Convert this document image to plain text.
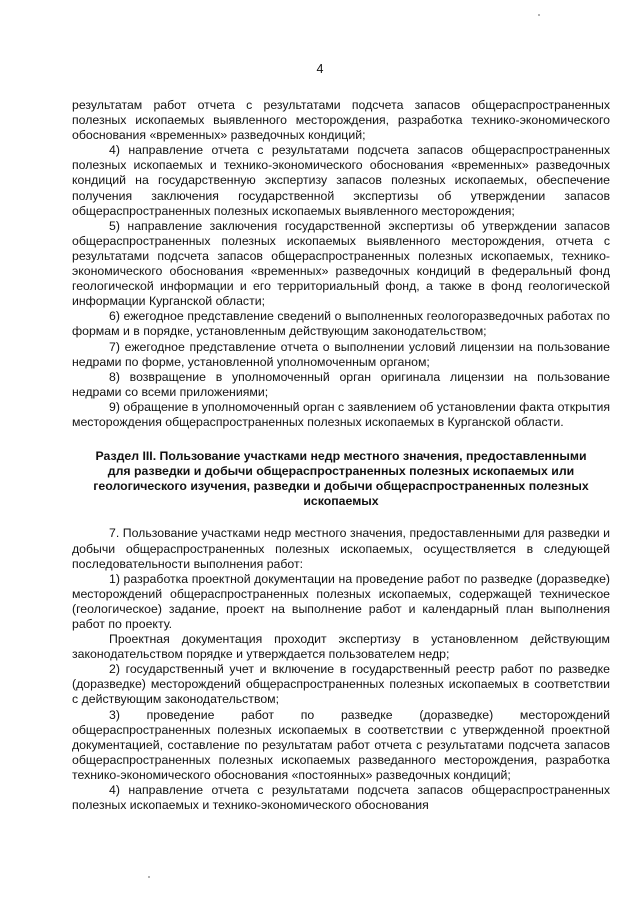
4

результатам работ отчета с результатами подсчета запасов общераспространенных полезных ископаемых выявленного месторождения, разработка технико-экономического обоснования «временных» разведочных кондиций;

4) направление отчета с результатами подсчета запасов общераспространенных полезных ископаемых и технико-экономического обоснования «временных» разведочных кондиций на государственную экспертизу запасов полезных ископаемых, обеспечение получения заключения государственной экспертизы об утверждении запасов общераспространенных полезных ископаемых выявленного месторождения;

5) направление заключения государственной экспертизы об утверждении запасов общераспространенных полезных ископаемых выявленного месторождения, отчета с результатами подсчета запасов общераспространенных полезных ископаемых, технико-экономического обоснования «временных» разведочных кондиций в федеральный фонд геологической информации и его территориальный фонд, а также в фонд геологической информации Курганской области;

6) ежегодное представление сведений о выполненных геологоразведочных работах по формам и в порядке, установленным действующим законодательством;

7) ежегодное представление отчета о выполнении условий лицензии на пользование недрами по форме, установленной уполномоченным органом;

8) возвращение в уполномоченный орган оригинала лицензии на пользование недрами со всеми приложениями;

9) обращение в уполномоченный орган с заявлением об установлении факта открытия месторождения общераспространенных полезных ископаемых в Курганской области.

Раздел III. Пользование участками недр местного значения, предоставленными для разведки и добычи общераспространенных полезных ископаемых или геологического изучения, разведки и добычи общераспространенных полезных ископаемых

7. Пользование участками недр местного значения, предоставленными для разведки и добычи общераспространенных полезных ископаемых, осуществляется в следующей последовательности выполнения работ:

1) разработка проектной документации на проведение работ по разведке (доразведке) месторождений общераспространенных полезных ископаемых, содержащей техническое (геологическое) задание, проект на выполнение работ и календарный план выполнения работ по проекту.

Проектная документация проходит экспертизу в установленном действующим законодательством порядке и утверждается пользователем недр;

2) государственный учет и включение в государственный реестр работ по разведке (доразведке) месторождений общераспространенных полезных ископаемых в соответствии с действующим законодательством;

3) проведение работ по разведке (доразведке) месторождений общераспространенных полезных ископаемых в соответствии с утвержденной проектной документацией, составление по результатам работ отчета с результатами подсчета запасов общераспространенных полезных ископаемых разведанного месторождения, разработка технико-экономического обоснования «постоянных» разведочных кондиций;

4) направление отчета с результатами подсчета запасов общераспространенных полезных ископаемых и технико-экономического обоснования
